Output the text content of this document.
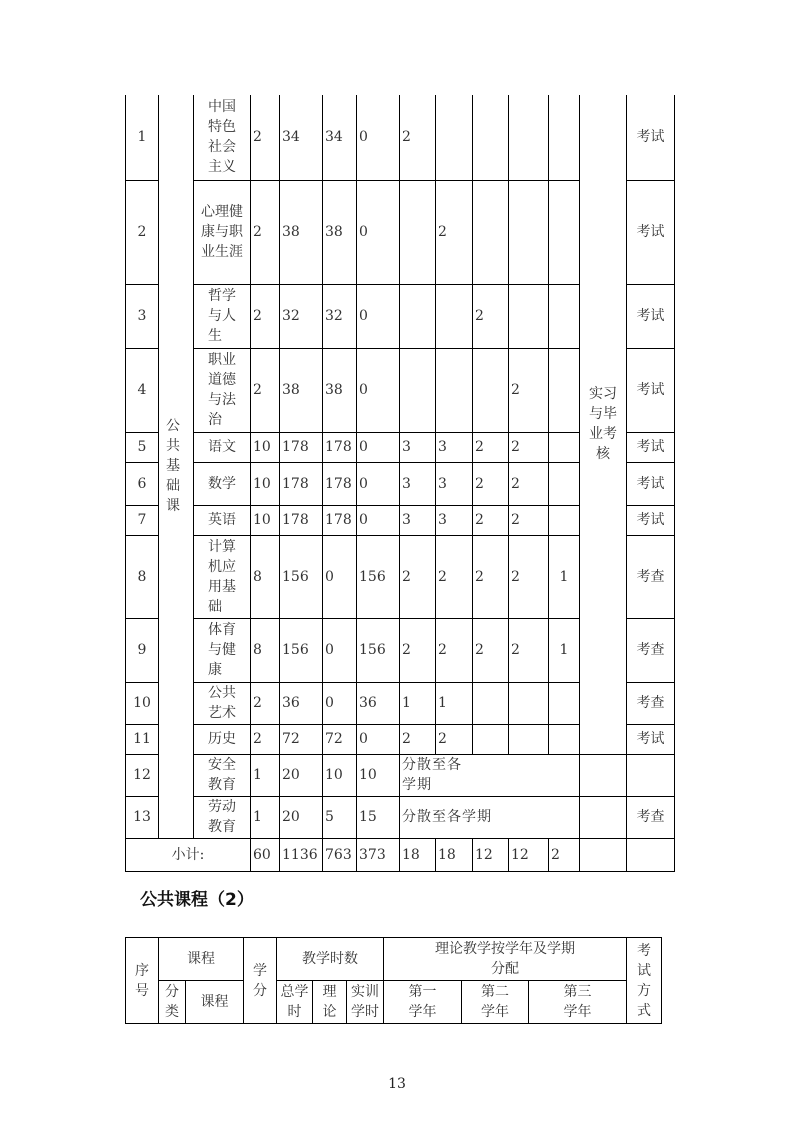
1	公共基础课	中国特色社会主义	2	34	34	0	2					实习与毕业考核	考试
2		心理健康与职业生涯	2	38	38	0		2					考试
3		哲学与人生	2	32	32	0			2				考试
4		职业道德与法治	2	38	38	0				2			考试
5		语文	10	178	178	0	3	3	2	2			考试
6		数学	10	178	178	0	3	3	2	2			考试
7		英语	10	178	178	0	3	3	2	2			考试
8		计算机应用基础	8	156	0	156	2	2	2	2	1		考查
9		体育与健康	8	156	0	156	2	2	2	2	1		考查
10		公共艺术	2	36	0	36	1	1					考查
11		历史	2	72	72	0	2	2					考试
12		安全教育	1	20	10	10	分散至各学期						

13		劳动教育	1	20	5	15	分散至各学期						考查
小计:			60	1136	763	373	18	18	12	12	2		
公共课程（2）
序号	课程		学分	教学时数			理论教学按学年及学期分配			考试方式

	分类	课程		总学时	理论	实训学时	第一学年	第二学年	第三学年	
13
